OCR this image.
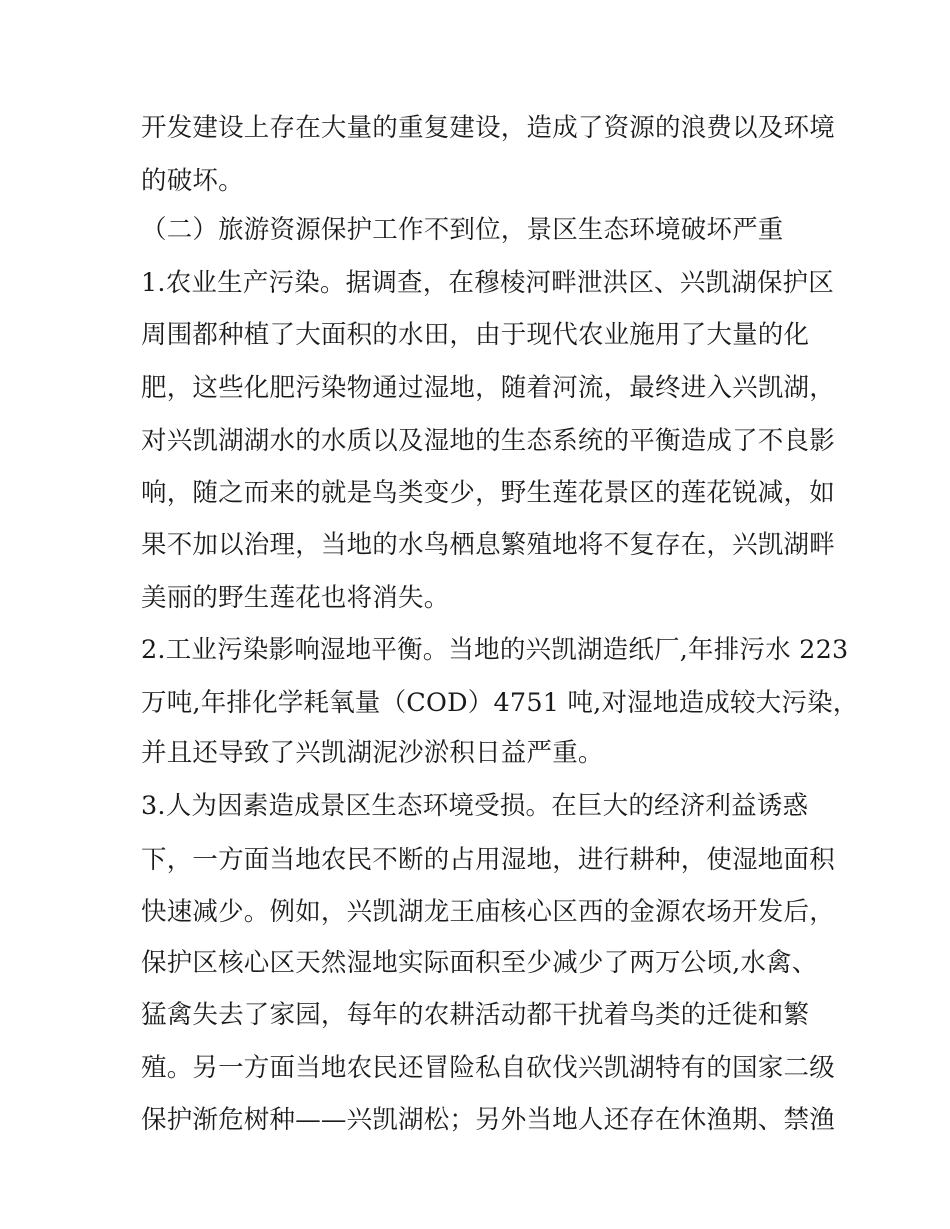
开发建设上存在大量的重复建设，造成了资源的浪费以及环境
的破坏。
（二）旅游资源保护工作不到位，景区生态环境破坏严重
1.农业生产污染。据调查，在穆棱河畔泄洪区、兴凯湖保护区
周围都种植了大面积的水田，由于现代农业施用了大量的化
肥，这些化肥污染物通过湿地，随着河流，最终进入兴凯湖，
对兴凯湖湖水的水质以及湿地的生态系统的平衡造成了不良影
响，随之而来的就是鸟类变少，野生莲花景区的莲花锐减，如
果不加以治理，当地的水鸟栖息繁殖地将不复存在，兴凯湖畔
美丽的野生莲花也将消失。
2.工业污染影响湿地平衡。当地的兴凯湖造纸厂,年排污水 223
万吨,年排化学耗氧量（COD）4751 吨,对湿地造成较大污染，
并且还导致了兴凯湖泥沙淤积日益严重。
3.人为因素造成景区生态环境受损。在巨大的经济利益诱惑
下，一方面当地农民不断的占用湿地，进行耕种，使湿地面积
快速减少。例如，兴凯湖龙王庙核心区西的金源农场开发后，
保护区核心区天然湿地实际面积至少减少了两万公顷,水禽、
猛禽失去了家园，每年的农耕活动都干扰着鸟类的迁徙和繁
殖。另一方面当地农民还冒险私自砍伐兴凯湖特有的国家二级
保护渐危树种——兴凯湖松；另外当地人还存在休渔期、禁渔
